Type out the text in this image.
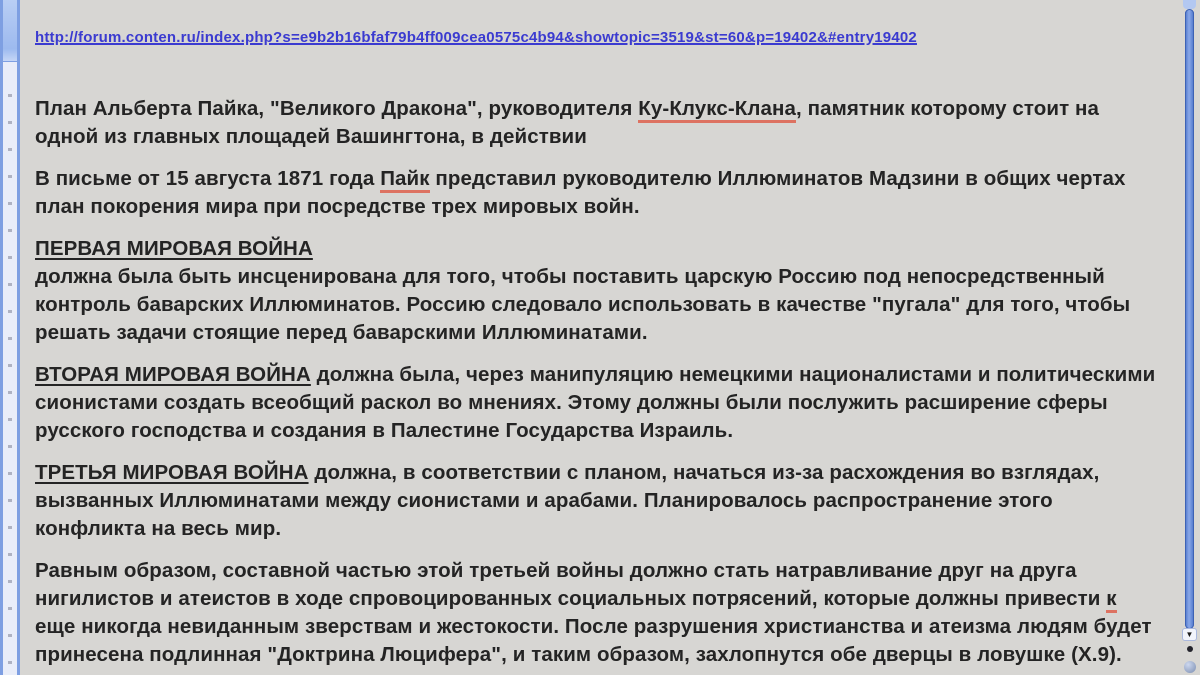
▼
http://forum.conten.ru/index.php?s=e9b2b16bfaf79b4ff009cea0575c4b94&showtopic=3519&st=60&p=19402&#entry19402

План Альберта Пайка, "Великого Дракона", руководителя Ку-Клукс-Клана, памятник которому стоит на одной из главных площадей Вашингтона, в действии

В письме от 15 августа 1871 года Пайк представил руководителю Иллюминатов Мадзини в общих чертах план покорения мира при посредстве трех мировых войн.

ПЕРВАЯ МИРОВАЯ ВОЙНА
должна была быть инсценирована для того, чтобы поставить царскую Россию под непосредственный контроль баварских Иллюминатов. Россию следовало использовать в качестве "пугала" для того, чтобы решать задачи стоящие перед баварскими Иллюминатами.

ВТОРАЯ МИРОВАЯ ВОЙНА должна была, через манипуляцию немецкими националистами и политическими сионистами создать всеобщий раскол во мнениях. Этому должны были послужить расширение сферы русского господства и создания в Палестине Государства Израиль.

ТРЕТЬЯ МИРОВАЯ ВОЙНА должна, в соответствии с планом, начаться из-за расхождения во взглядах, вызванных Иллюминатами между сионистами и арабами. Планировалось распространение этого конфликта на весь мир.

Равным образом, составной частью этой третьей войны должно стать натравливание друг на друга нигилистов и атеистов в ходе спровоцированных социальных потрясений, которые должны привести к еще никогда невиданным зверствам и жестокости. После разрушения христианства и атеизма людям будет принесена подлинная "Доктрина Люцифера", и таким образом, захлопнутся обе дверцы в ловушке (X.9).
